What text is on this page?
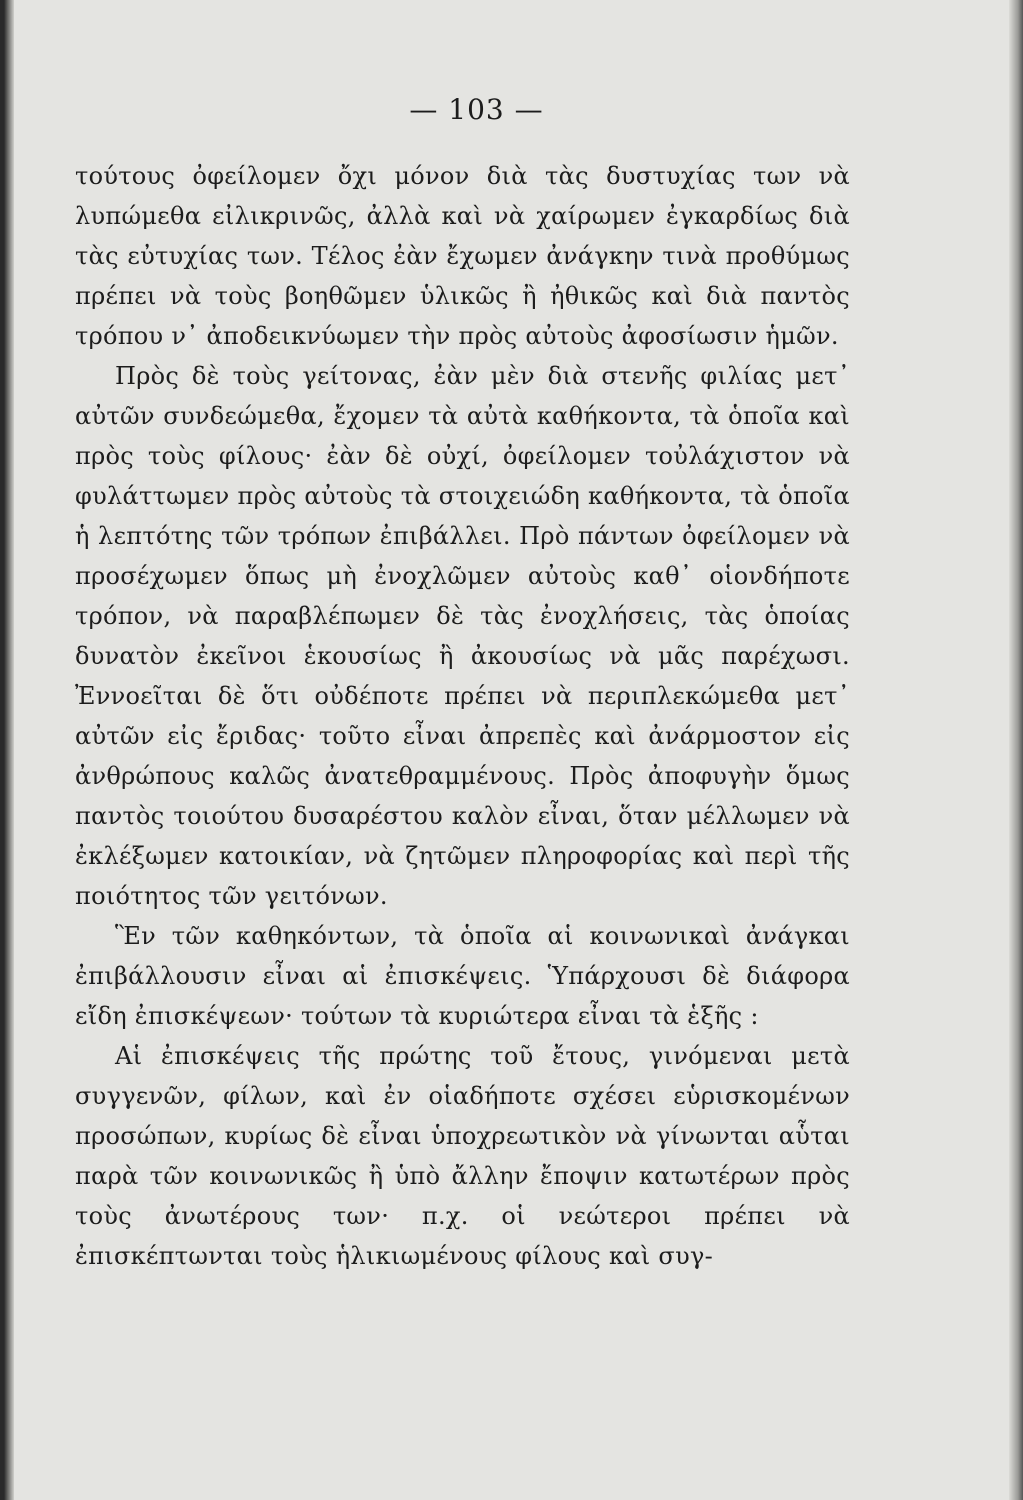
— 103 —

τούτους ὀφείλομεν ὄχι μόνον διὰ τὰς δυστυχίας των νὰ λυπώμεθα εἰλικρινῶς, ἀλλὰ καὶ νὰ χαίρωμεν ἐγκαρδίως διὰ τὰς εὐτυχίας των. Τέλος ἐὰν ἔχωμεν ἀνάγκην τινὰ προθύμως πρέπει νὰ τοὺς βοηθῶμεν ὑλικῶς ἢ ἠθικῶς καὶ διὰ παντὸς τρόπου ν᾿ ἀποδεικνύωμεν τὴν πρὸς αὐτοὺς ἀφοσίωσιν ἡμῶν.

Πρὸς δὲ τοὺς γείτονας, ἐὰν μὲν διὰ στενῆς φιλίας μετ᾿ αὐτῶν συνδεώμεθα, ἔχομεν τὰ αὐτὰ καθήκοντα, τὰ ὁποῖα καὶ πρὸς τοὺς φίλους· ἐὰν δὲ οὐχί, ὀφείλομεν τοὐλάχιστον νὰ φυλάττωμεν πρὸς αὐτοὺς τὰ στοιχειώδη καθήκοντα, τὰ ὁποῖα ἡ λεπτότης τῶν τρόπων ἐπιβάλλει. Πρὸ πάντων ὀφείλομεν νὰ προσέχωμεν ὅπως μὴ ἐνοχλῶμεν αὐτοὺς καθ᾿ οἱονδήποτε τρόπον, νὰ παραβλέπωμεν δὲ τὰς ἐνοχλήσεις, τὰς ὁποίας δυνατὸν ἐκεῖνοι ἑκουσίως ἢ ἀκουσίως νὰ μᾶς παρέχωσι. Ἐννοεῖται δὲ ὅτι οὐδέποτε πρέπει νὰ περιπλεκώμεθα μετ᾿ αὐτῶν εἰς ἔριδας· τοῦτο εἶναι ἀπρεπὲς καὶ ἀνάρμοστον εἰς ἀνθρώπους καλῶς ἀνατεθραμμένους. Πρὸς ἀποφυγὴν ὅμως παντὸς τοιούτου δυσαρέστου καλὸν εἶναι, ὅταν μέλλωμεν νὰ ἐκλέξωμεν κατοικίαν, νὰ ζητῶμεν πληροφορίας καὶ περὶ τῆς ποιότητος τῶν γειτόνων.

Ἓν τῶν καθηκόντων, τὰ ὁποῖα αἱ κοινωνικαὶ ἀνάγκαι ἐπιβάλλουσιν εἶναι αἱ ἐπισκέψεις. Ὑπάρχουσι δὲ διάφορα εἴδη ἐπισκέψεων· τούτων τὰ κυριώτερα εἶναι τὰ ἑξῆς :

Αἱ ἐπισκέψεις τῆς πρώτης τοῦ ἔτους, γινόμεναι μετὰ συγγενῶν, φίλων, καὶ ἐν οἱαδήποτε σχέσει εὑρισκομένων προσώπων, κυρίως δὲ εἶναι ὑποχρεωτικὸν νὰ γίνωνται αὗται παρὰ τῶν κοινωνικῶς ἢ ὑπὸ ἄλλην ἔποψιν κατωτέρων πρὸς τοὺς ἀνωτέρους των· π.χ. οἱ νεώτεροι πρέπει νὰ ἐπισκέπτωνται τοὺς ἡλικιωμένους φίλους καὶ συγ-
